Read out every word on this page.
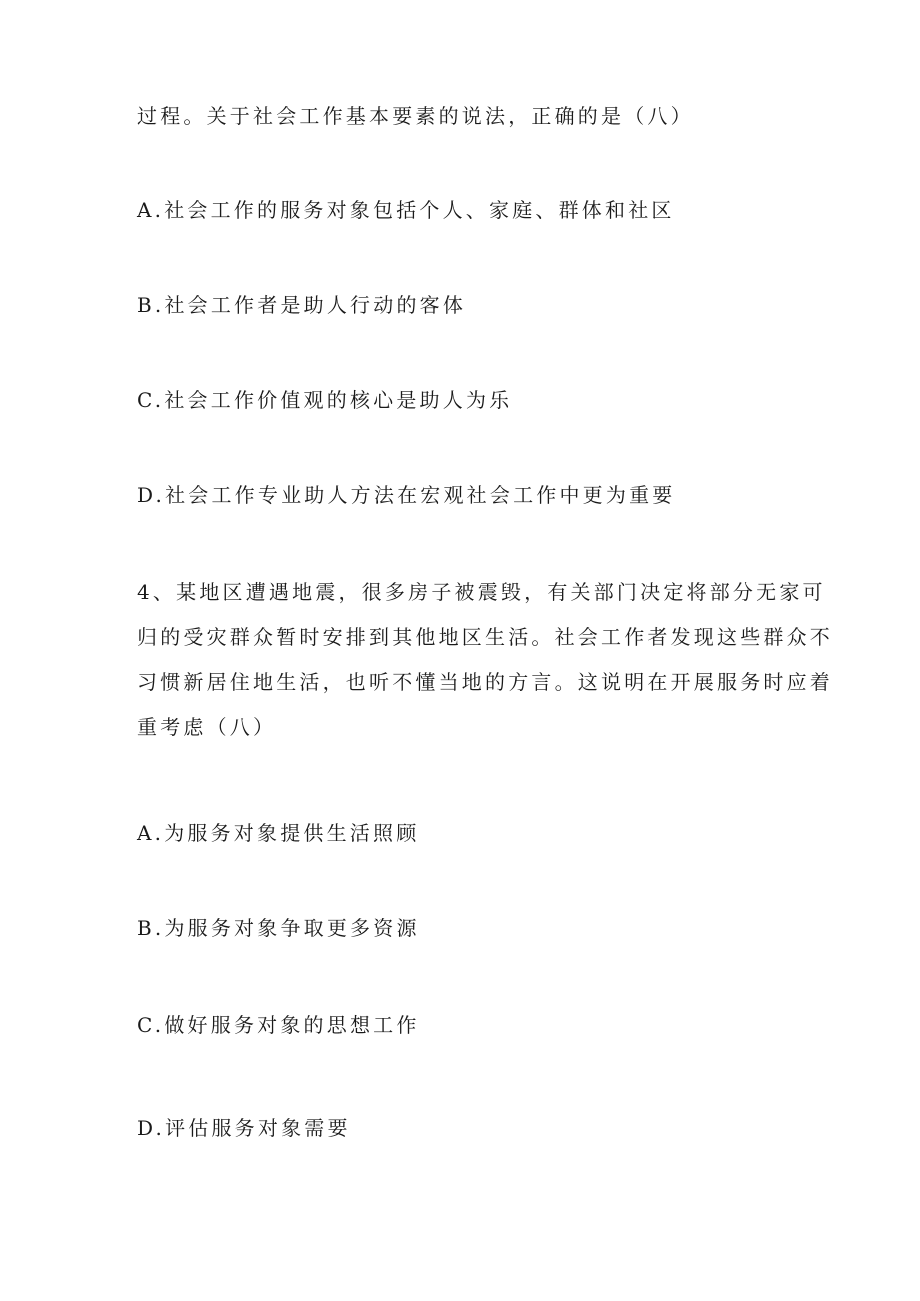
过程。关于社会工作基本要素的说法，正确的是（八）
A.社会工作的服务对象包括个人、家庭、群体和社区
B.社会工作者是助人行动的客体
C.社会工作价值观的核心是助人为乐
D.社会工作专业助人方法在宏观社会工作中更为重要
4、某地区遭遇地震，很多房子被震毁，有关部门决定将部分无家可
归的受灾群众暂时安排到其他地区生活。社会工作者发现这些群众不
习惯新居住地生活，也听不懂当地的方言。这说明在开展服务时应着
重考虑（八）
A.为服务对象提供生活照顾
B.为服务对象争取更多资源
C.做好服务对象的思想工作
D.评估服务对象需要
